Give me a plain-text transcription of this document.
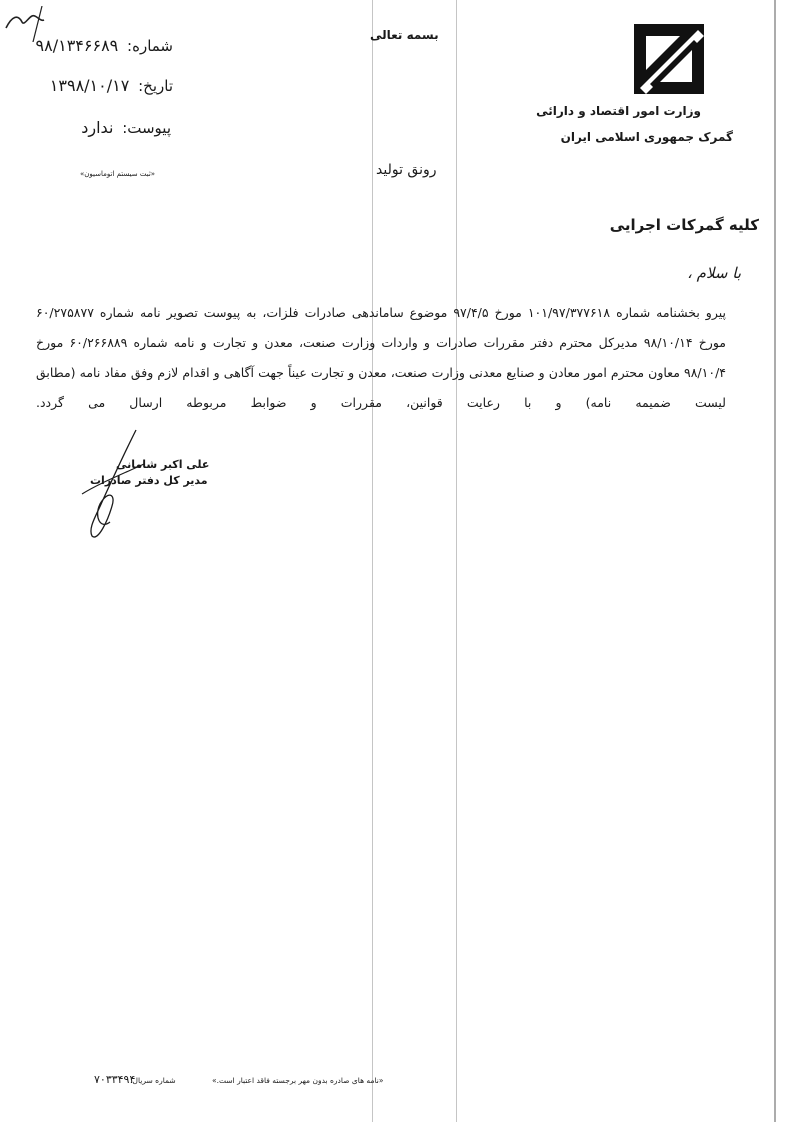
شماره: ۹۸/۱۳۴۶۶۸۹
تاریخ: ۱۳۹۸/۱۰/۱۷
پیوست: ندارد
«ثبت سیستم اتوماسیون»
بسمه تعالی
وزارت امور اقتصاد و دارائی
گمرک جمهوری اسلامی ایران
رونق تولید
کلیه گمرکات اجرایی
با سلام ،

پیرو بخشنامه شماره ۱۰۱/۹۷/۳۷۷۶۱۸ مورخ ۹۷/۴/۵ موضوع ساماندهی صادرات فلزات، به پیوست تصویر نامه شماره ۶۰/۲۷۵۸۷۷ مورخ ۹۸/۱۰/۱۴ مدیرکل محترم دفتر مقررات صادرات و واردات وزارت صنعت، معدن و تجارت و نامه شماره ۶۰/۲۶۶۸۸۹ مورخ ۹۸/۱۰/۴ معاون محترم امور معادن و صنایع معدنی وزارت صنعت، معدن و تجارت عیناً جهت آگاهی و اقدام لازم وفق مفاد نامه (مطابق لیست ضمیمه نامه) و با رعایت قوانین، مقررات و ضوابط مربوطه ارسال می گردد.

علی اکبر شامانی
مدیر کل دفتر صادرات
«نامه های صادره بدون مهر برجسته فاقد اعتبار است.»
شماره سریال:
۷۰۳۳۴۹۴
